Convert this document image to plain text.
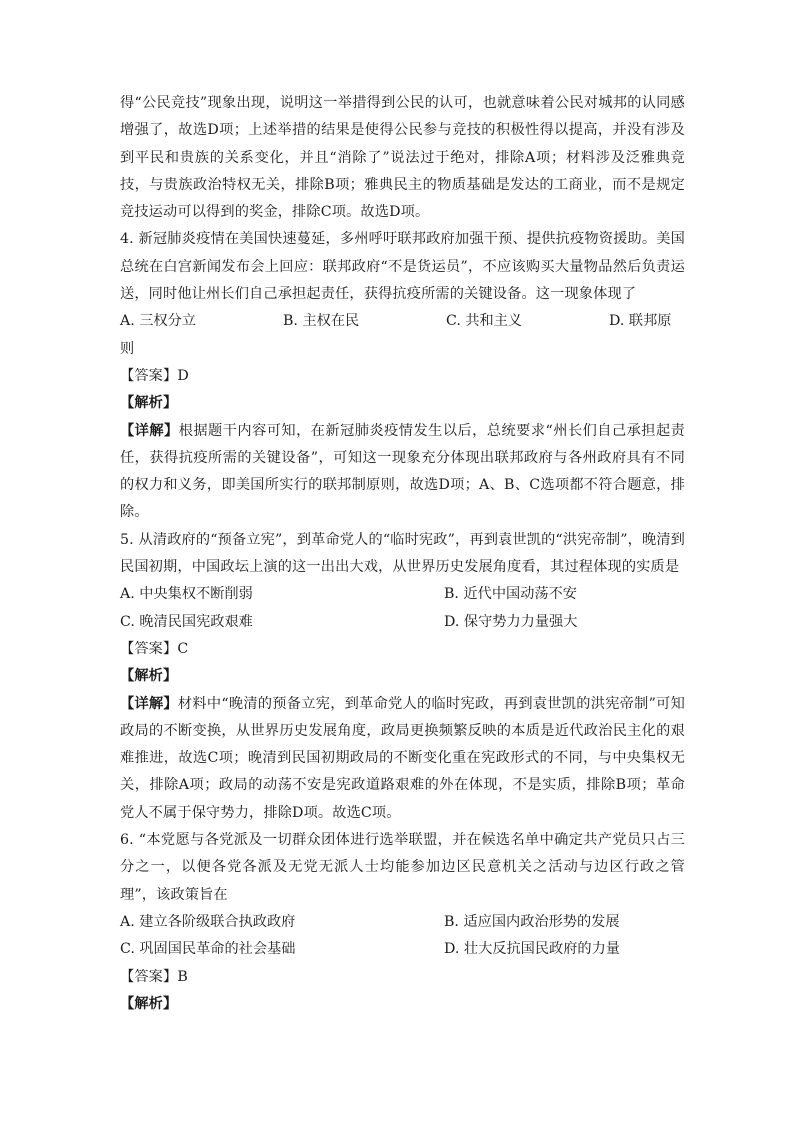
得“公民竞技”现象出现，说明这一举措得到公民的认可，也就意味着公民对城邦的认同感增强了，故选D项；上述举措的结果是使得公民参与竞技的积极性得以提高，并没有涉及到平民和贵族的关系变化，并且“消除了”说法过于绝对，排除A项；材料涉及泛雅典竞技，与贵族政治特权无关，排除B项；雅典民主的物质基础是发达的工商业，而不是规定竞技运动可以得到的奖金，排除C项。故选D项。

4. 新冠肺炎疫情在美国快速蔓延，多州呼吁联邦政府加强干预、提供抗疫物资援助。美国总统在白宫新闻发布会上回应：联邦政府“不是货运员”，不应该购买大量物品然后负责运送，同时他让州长们自己承担起责任，获得抗疫所需的关键设备。这一现象体现了

A. 三权分立	B. 主权在民	C. 共和主义	D. 联邦原

则

【答案】D

【解析】

【详解】根据题干内容可知，在新冠肺炎疫情发生以后，总统要求“州长们自己承担起责任，获得抗疫所需的关键设备”，可知这一现象充分体现出联邦政府与各州政府具有不同的权力和义务，即美国所实行的联邦制原则，故选D项；A、B、C选项都不符合题意，排除。

5. 从清政府的“预备立宪”，到革命党人的“临时宪政”，再到袁世凯的“洪宪帝制”，晚清到民国初期，中国政坛上演的这一出出大戏，从世界历史发展角度看，其过程体现的实质是

A. 中央集权不断削弱	B. 近代中国动荡不安
C. 晚清民国宪政艰难	D. 保守势力力量强大

【答案】C

【解析】

【详解】材料中“晚清的预备立宪，到革命党人的临时宪政，再到袁世凯的洪宪帝制”可知政局的不断变换，从世界历史发展角度，政局更换频繁反映的本质是近代政治民主化的艰难推进，故选C项；晚清到民国初期政局的不断变化重在宪政形式的不同，与中央集权无关，排除A项；政局的动荡不安是宪政道路艰难的外在体现，不是实质，排除B项；革命党人不属于保守势力，排除D项。故选C项。

6. “本党愿与各党派及一切群众团体进行选举联盟，并在候选名单中确定共产党员只占三分之一，以便各党各派及无党无派人士均能参加边区民意机关之活动与边区行政之管理”，该政策旨在

A. 建立各阶级联合执政政府	B. 适应国内政治形势的发展
C. 巩固国民革命的社会基础	D. 壮大反抗国民政府的力量

【答案】B

【解析】
